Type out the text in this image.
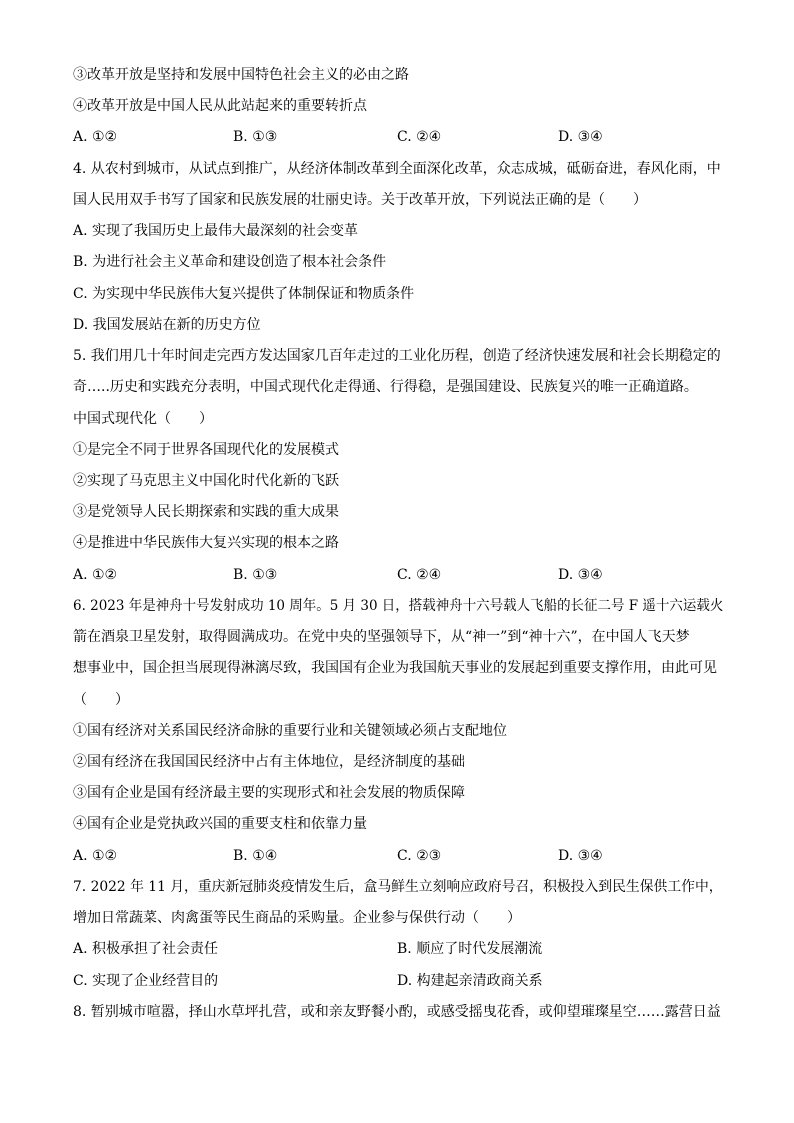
③改革开放是坚持和发展中国特色社会主义的必由之路
④改革开放是中国人民从此站起来的重要转折点
A. ①②	B. ①③	C. ②④	D. ③④
4. 从农村到城市，从试点到推广，从经济体制改革到全面深化改革，众志成城，砥砺奋进，春风化雨，中
国人民用双手书写了国家和民族发展的壮丽史诗。关于改革开放，下列说法正确的是（　　）
A. 实现了我国历史上最伟大最深刻的社会变革
B. 为进行社会主义革命和建设创造了根本社会条件
C. 为实现中华民族伟大复兴提供了体制保证和物质条件
D. 我国发展站在新的历史方位
5. 我们用几十年时间走完西方发达国家几百年走过的工业化历程，创造了经济快速发展和社会长期稳定的
奇…..历史和实践充分表明，中国式现代化走得通、行得稳，是强国建设、民族复兴的唯一正确道路。
中国式现代化（　　）
①是完全不同于世界各国现代化的发展模式
②实现了马克思主义中国化时代化新的飞跃
③是党领导人民长期探索和实践的重大成果
④是推进中华民族伟大复兴实现的根本之路
A. ①②	B. ①③	C. ②④	D. ③④
6. 2023 年是神舟十号发射成功 10 周年。5 月 30 日，搭载神舟十六号载人飞船的长征二号 F 遥十六运载火
箭在酒泉卫星发射，取得圆满成功。在党中央的坚强领导下，从“神一”到“神十六”，在中国人飞天梦
想事业中，国企担当展现得淋漓尽致，我国国有企业为我国航天事业的发展起到重要支撑作用，由此可见
（　　）
①国有经济对关系国民经济命脉的重要行业和关键领域必须占支配地位
②国有经济在我国国民经济中占有主体地位，是经济制度的基础
③国有企业是国有经济最主要的实现形式和社会发展的物质保障
④国有企业是党执政兴国的重要支柱和依靠力量
A. ①②	B. ①④	C. ②③	D. ③④
7. 2022 年 11 月，重庆新冠肺炎疫情发生后，盒马鲜生立刻响应政府号召，积极投入到民生保供工作中，
增加日常蔬菜、肉禽蛋等民生商品的采购量。企业参与保供行动（　　）
A. 积极承担了社会责任	B. 顺应了时代发展潮流
C. 实现了企业经营目的	D. 构建起亲清政商关系
8. 暂别城市喧嚣，择山水草坪扎营，或和亲友野餐小酌，或感受摇曳花香，或仰望璀璨星空……露营日益
